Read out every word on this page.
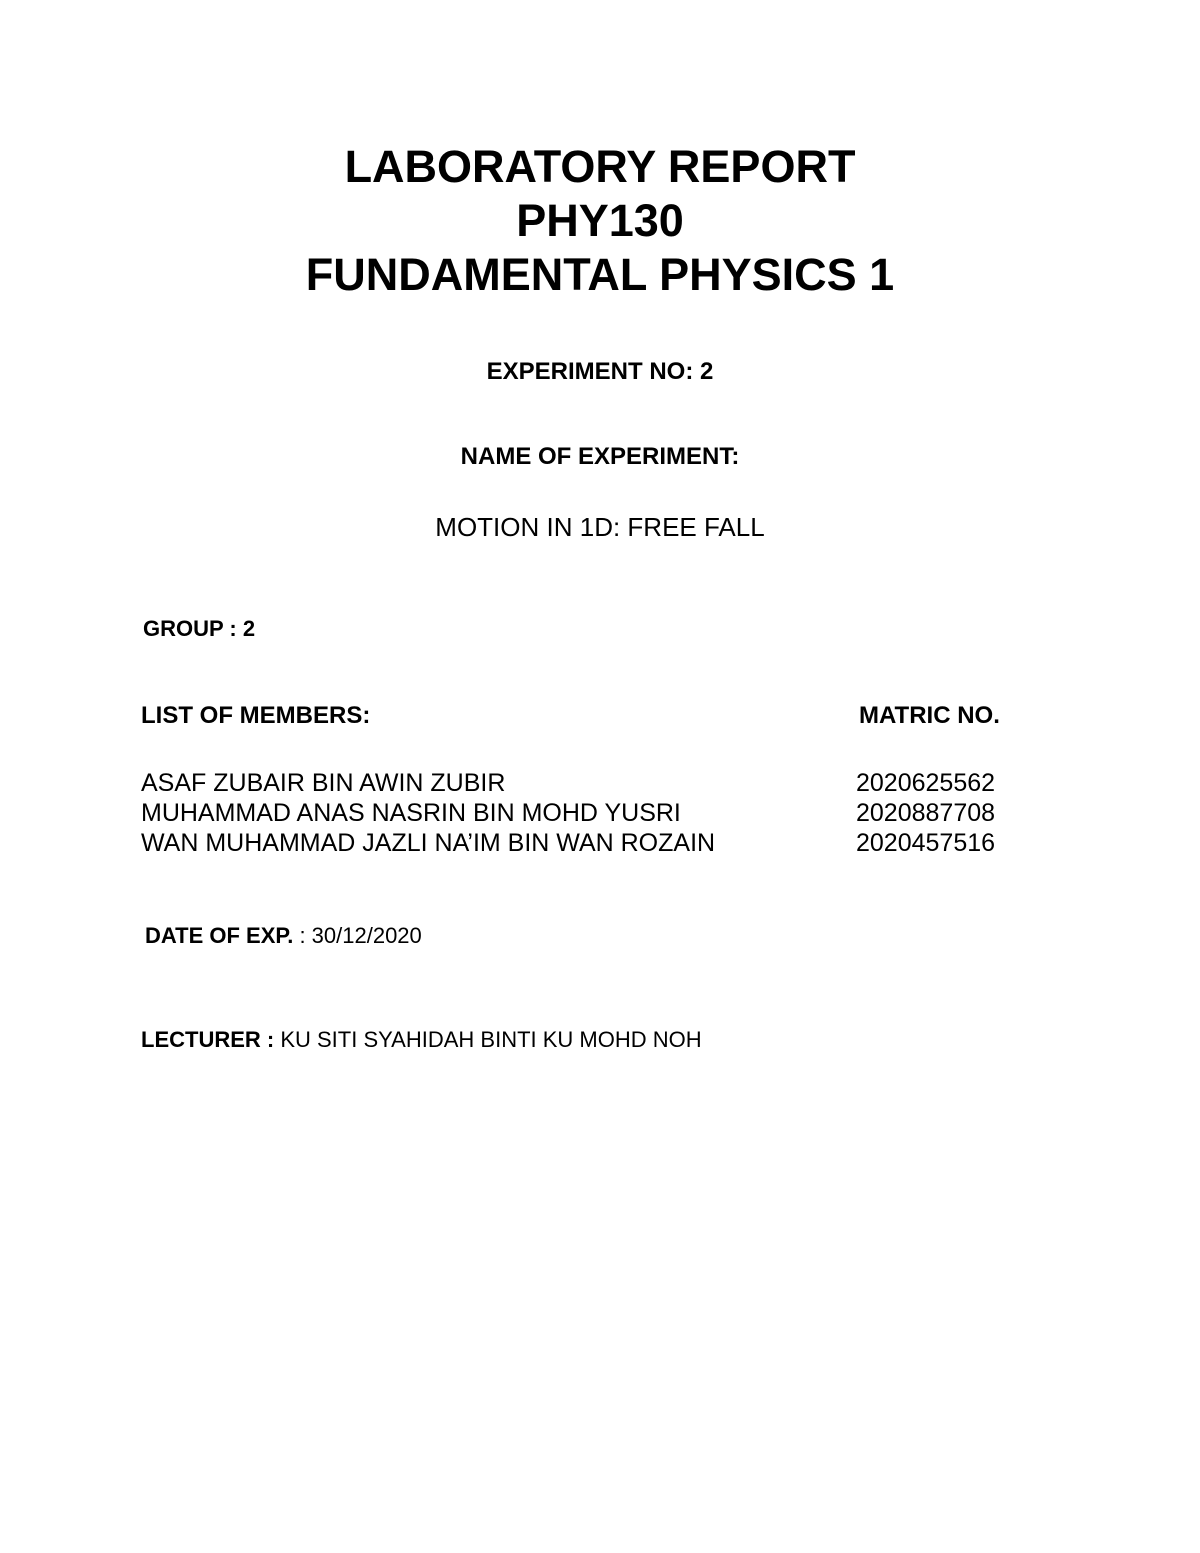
LABORATORY REPORT
PHY130
FUNDAMENTAL PHYSICS 1
EXPERIMENT NO: 2
NAME OF EXPERIMENT:
MOTION IN 1D: FREE FALL
GROUP : 2
LIST OF MEMBERS:	MATRIC NO.
ASAF ZUBAIR BIN AWIN ZUBIR	2020625562
MUHAMMAD ANAS NASRIN BIN MOHD YUSRI	2020887708
WAN MUHAMMAD JAZLI NA’IM BIN WAN ROZAIN	2020457516
DATE OF EXP. : 30/12/2020
LECTURER : KU SITI SYAHIDAH BINTI KU MOHD NOH
